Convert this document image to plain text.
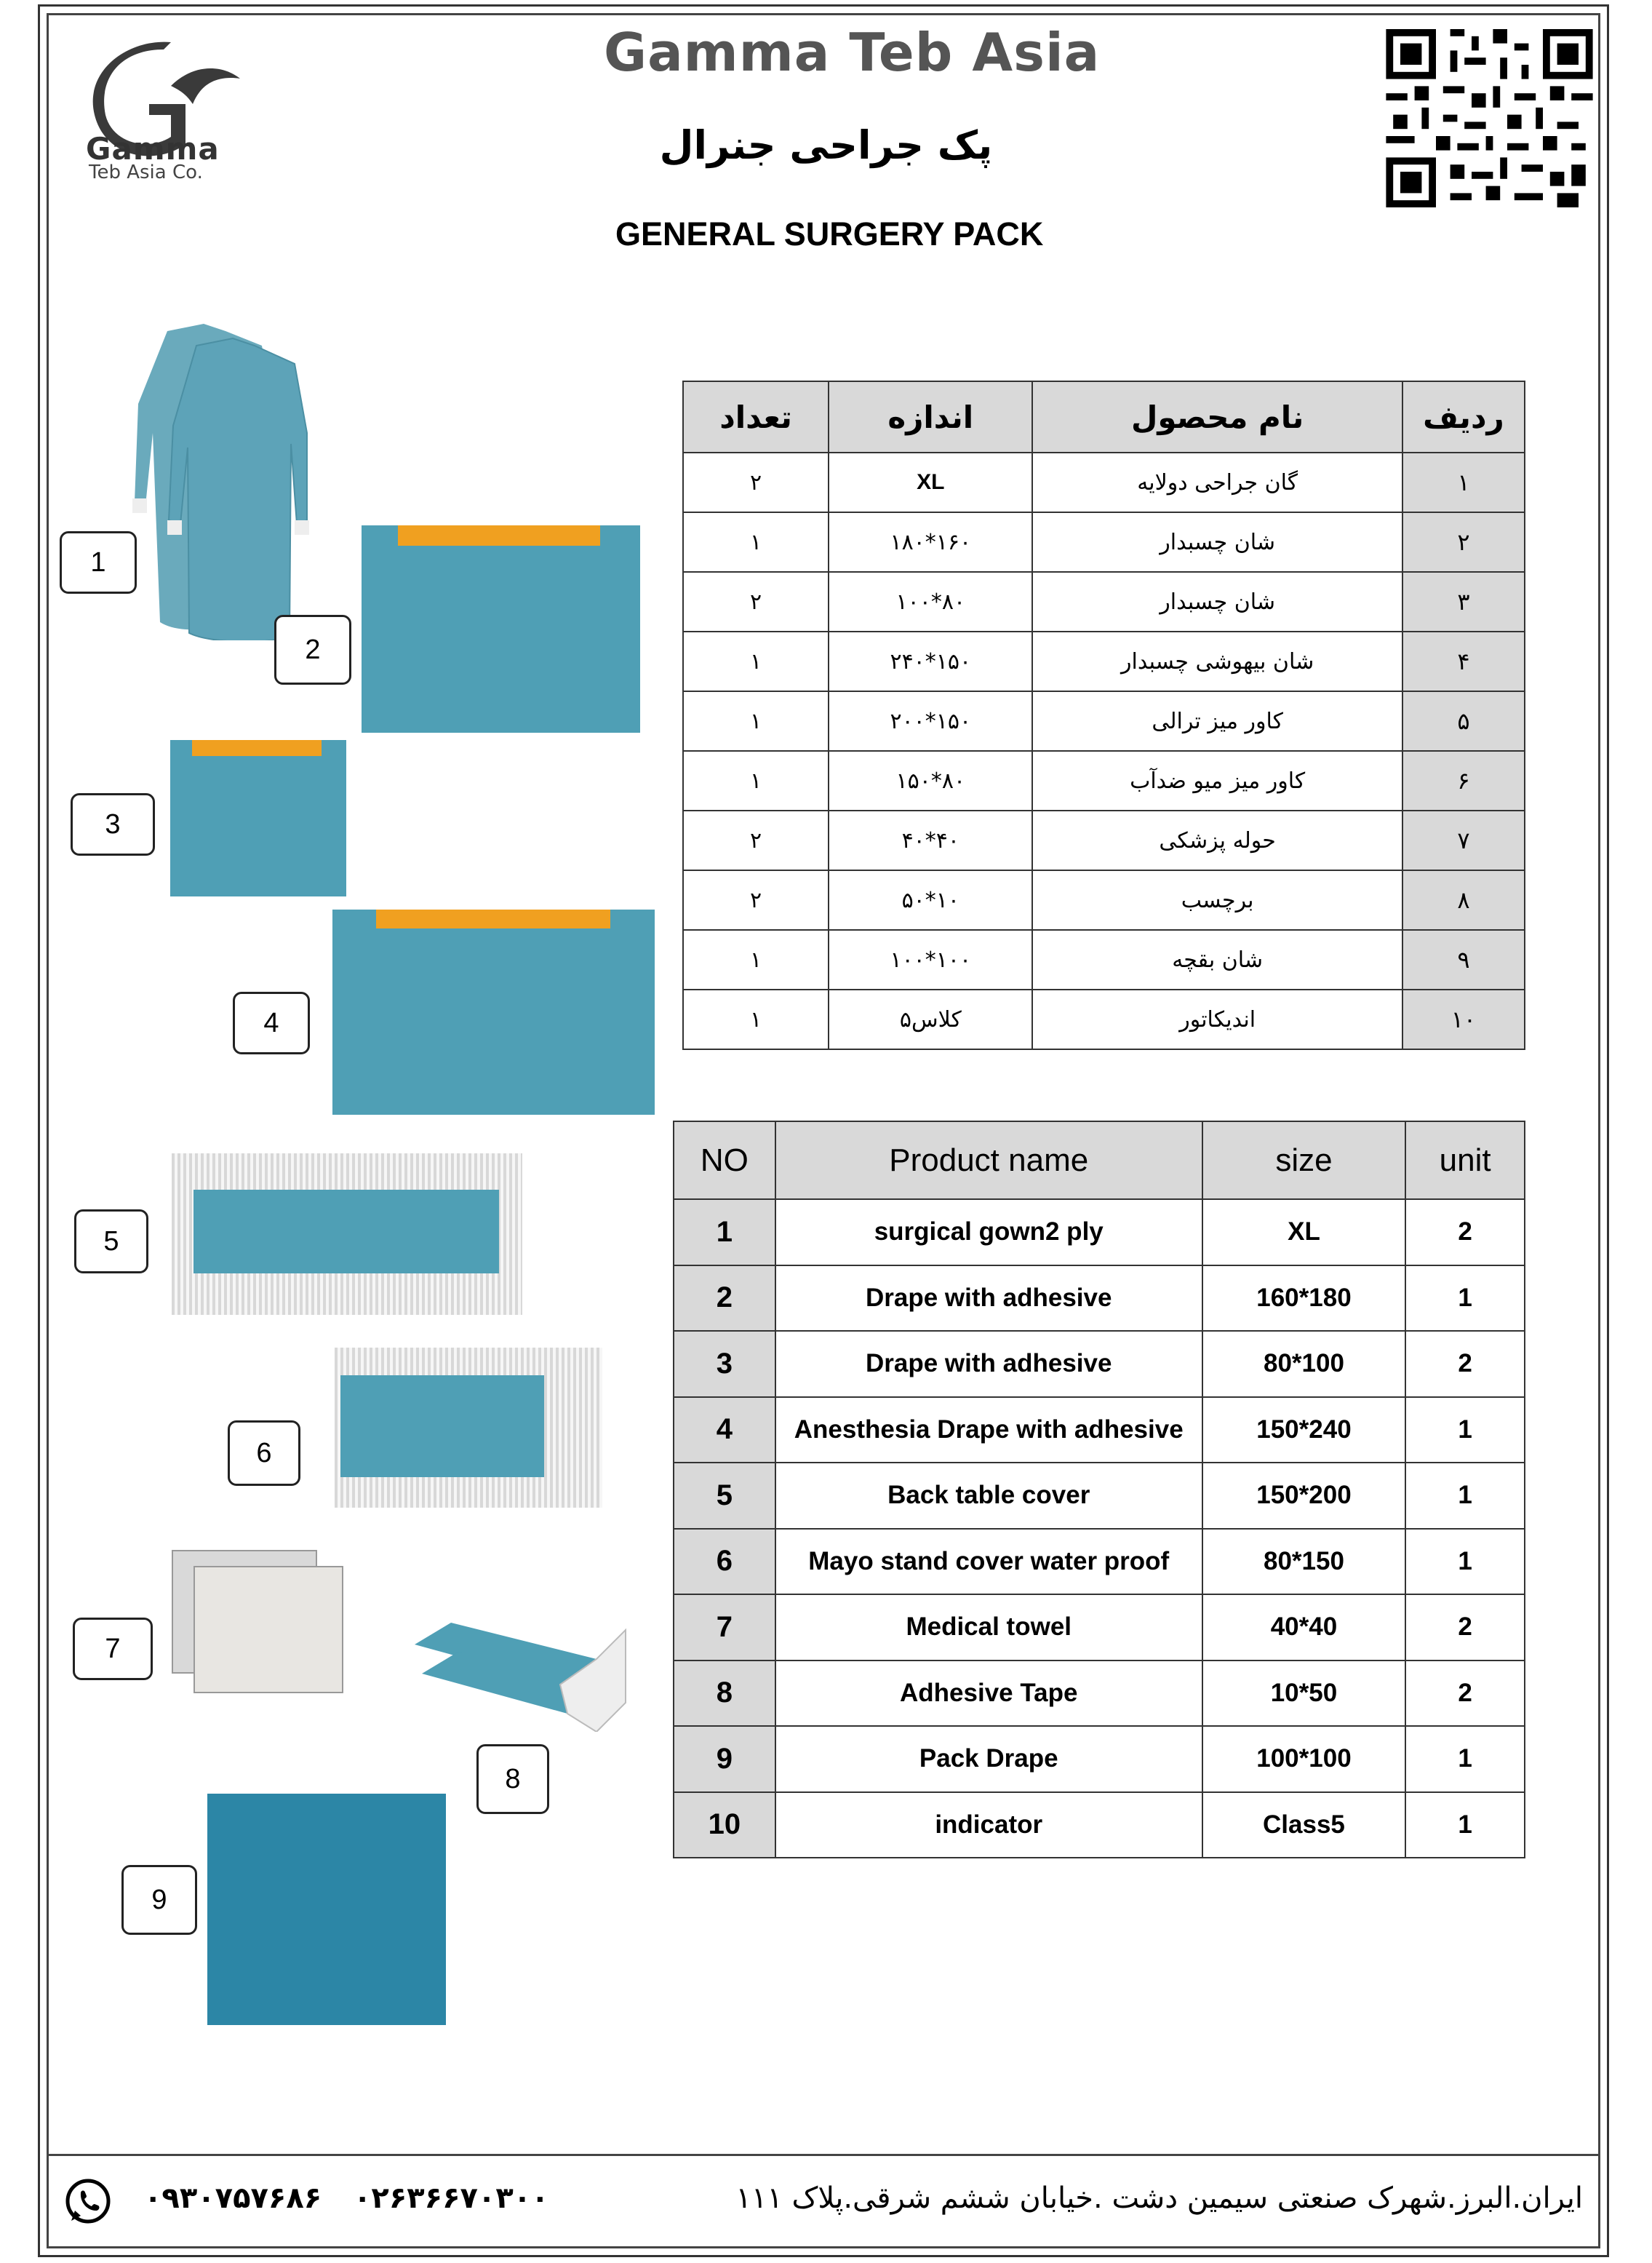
Gamma
Teb Asia Co.
Gamma Teb Asia
پک جراحی جنرال
GENERAL SURGERY PACK
ردیف	نام محصول	اندازه	تعداد
۱	گان جراحی دولایه	XL	۲
۲	شان چسبدار	۱۶۰*۱۸۰	۱
۳	شان چسبدار	۸۰*۱۰۰	۲
۴	شان بیهوشی چسبدار	۱۵۰*۲۴۰	۱
۵	کاور میز ترالی	۱۵۰*۲۰۰	۱
۶	کاور میز میو ضدآب	۸۰*۱۵۰	۱
۷	حوله پزشکی	۴۰*۴۰	۲
۸	برچسب	۱۰*۵۰	۲
۹	شان بقچه	۱۰۰*۱۰۰	۱
۱۰	اندیکاتور	کلاس۵	۱
NO	Product name	size	unit
1	surgical gown2 ply	XL	2
2	Drape with adhesive	160*180	1
3	Drape with adhesive	80*100	2
4	Anesthesia Drape with adhesive	150*240	1
5	Back table cover	150*200	1
6	Mayo stand cover water proof	80*150	1
7	Medical towel	40*40	2
8	Adhesive Tape	10*50	2
9	Pack Drape	100*100	1
10	indicator	Class5	1
1
2
3
4
5
6
7
8
9
۰۹۳۰۷۵۷۶۸۶ ۰۲۶۳۶۶۷۰۳۰۰	ایران.البرز.شهرک صنعتی سیمین دشت .خیابان ششم شرقی.پلاک ۱۱۱
